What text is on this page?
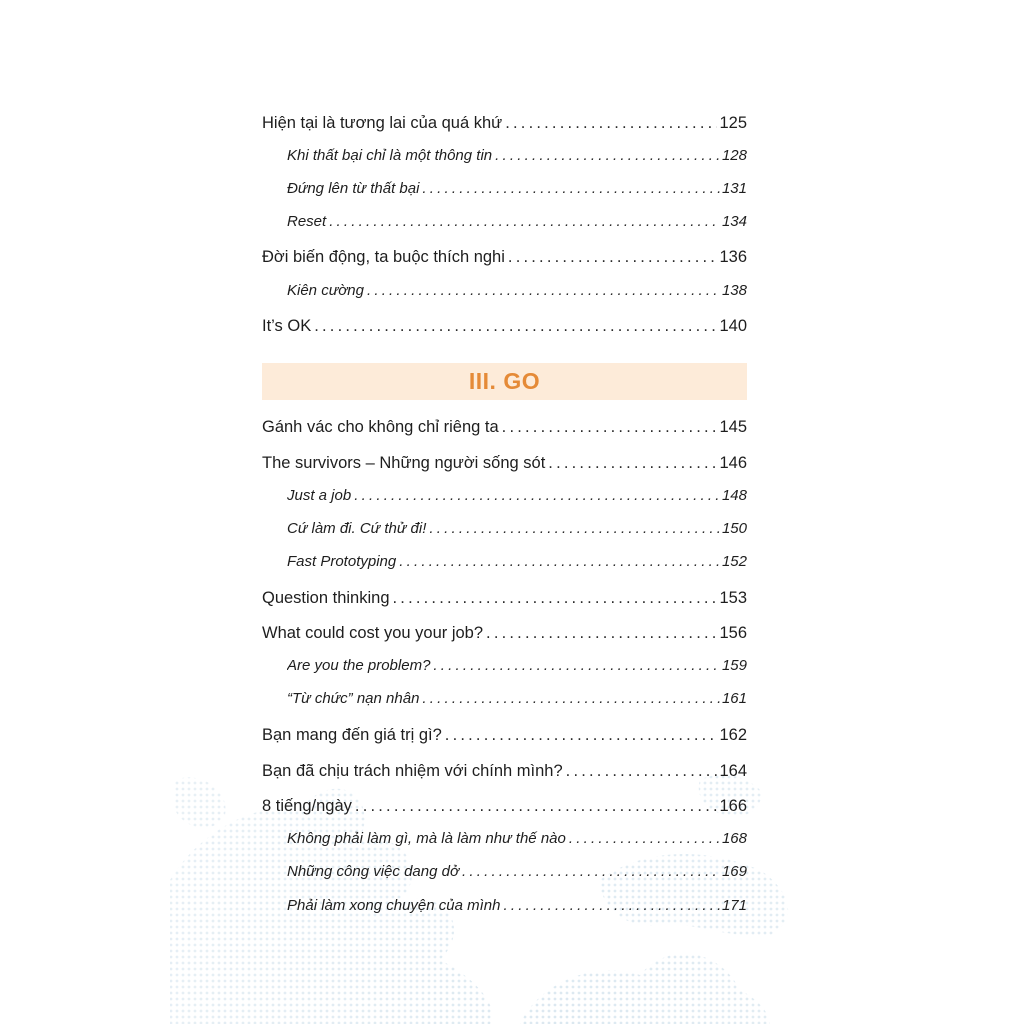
Hiện tại là tương lai của quá khứ .....	125
Khi thất bại chỉ là một thông tin .....	128
Đứng lên từ thất bại .....	131
Reset .....	134
Đời biến động, ta buộc thích nghi .....	136
Kiên cường .....	138
It’s OK .....	140
III. GO
Gánh vác cho không chỉ riêng ta .....	145
The survivors – Những người sống sót .....	146
Just a job .....	148
Cứ làm đi. Cứ thử đi! .....	150
Fast Prototyping .....	152
Question thinking .....	153
What could cost you your job? .....	156
Are you the problem? .....	159
“Từ chức” nạn nhân .....	161
Bạn mang đến giá trị gì? .....	162
Bạn đã chịu trách nhiệm với chính mình? .....	164
8 tiếng/ngày .....	166
Không phải làm gì, mà là làm như thế nào .....	168
Những công việc dang dở .....	169
Phải làm xong chuyện của mình .....	171
